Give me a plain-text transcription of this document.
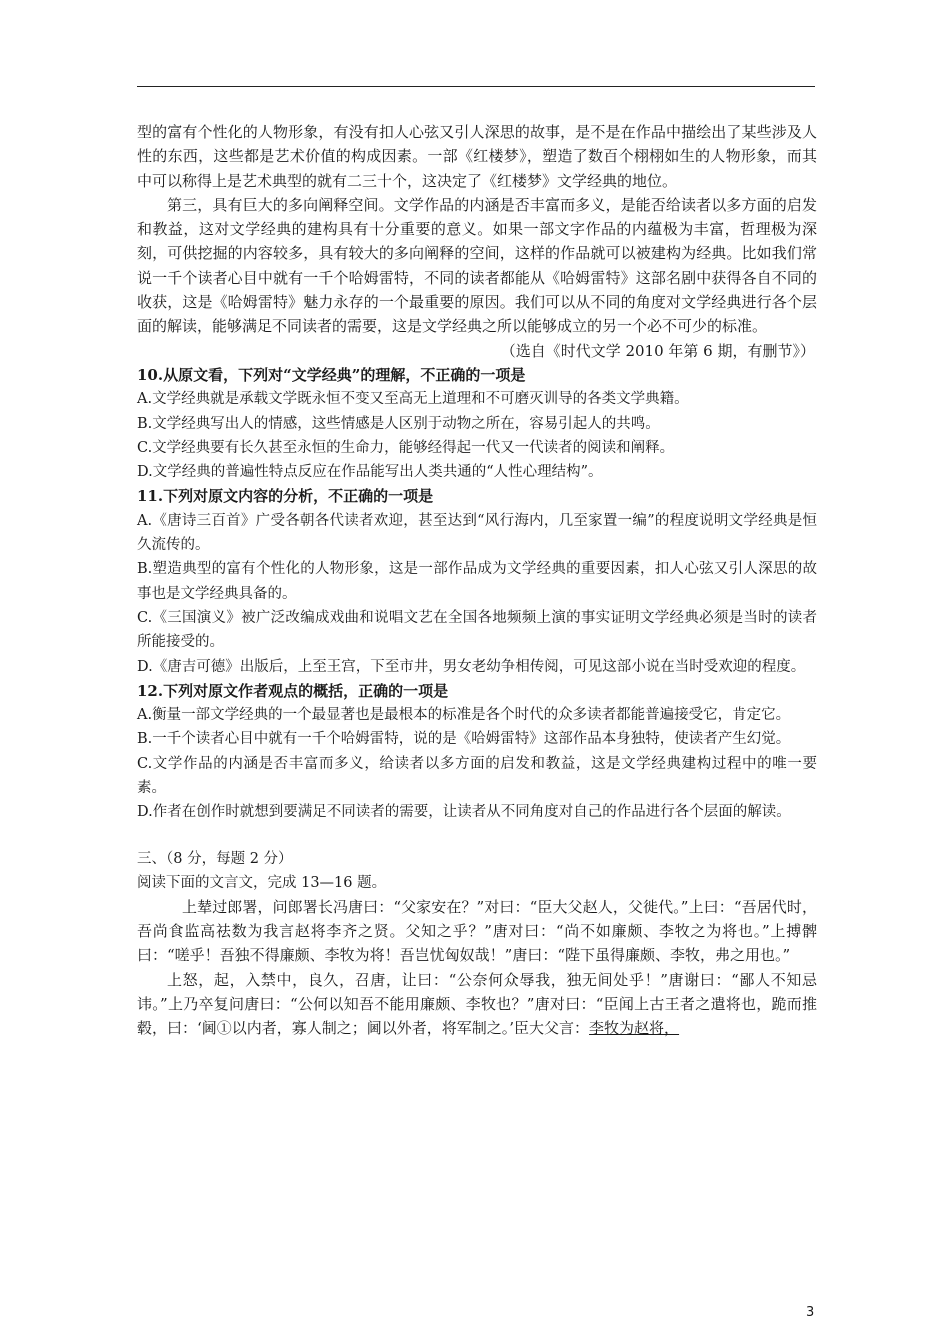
型的富有个性化的人物形象，有没有扣人心弦又引人深思的故事，是不是在作品中描绘出了某些涉及人性的东西，这些都是艺术价值的构成因素。一部《红楼梦》，塑造了数百个栩栩如生的人物形象，而其中可以称得上是艺术典型的就有二三十个，这决定了《红楼梦》文学经典的地位。

第三，具有巨大的多向阐释空间。文学作品的内涵是否丰富而多义，是能否给读者以多方面的启发和教益，这对文学经典的建构具有十分重要的意义。如果一部文字作品的内蕴极为丰富，哲理极为深刻，可供挖掘的内容较多，具有较大的多向阐释的空间，这样的作品就可以被建构为经典。比如我们常说一千个读者心目中就有一千个哈姆雷特，不同的读者都能从《哈姆雷特》这部名剧中获得各自不同的收获，这是《哈姆雷特》魅力永存的一个最重要的原因。我们可以从不同的角度对文学经典进行各个层面的解读，能够满足不同读者的需要，这是文学经典之所以能够成立的另一个必不可少的标准。

（选自《时代文学 2010 年第 6 期，有删节》）

10.从原文看，下列对“文学经典”的理解，不正确的一项是

A.文学经典就是承载文学既永恒不变又至高无上道理和不可磨灭训导的各类文学典籍。

B.文学经典写出人的情感，这些情感是人区别于动物之所在，容易引起人的共鸣。

C.文学经典要有长久甚至永恒的生命力，能够经得起一代又一代读者的阅读和阐释。

D.文学经典的普遍性特点反应在作品能写出人类共通的“人性心理结构”。

11.下列对原文内容的分析，不正确的一项是

A.《唐诗三百首》广受各朝各代读者欢迎，甚至达到“风行海内，几至家置一编”的程度说明文学经典是恒久流传的。

B.塑造典型的富有个性化的人物形象，这是一部作品成为文学经典的重要因素，扣人心弦又引人深思的故事也是文学经典具备的。

C.《三国演义》被广泛改编成戏曲和说唱文艺在全国各地频频上演的事实证明文学经典必须是当时的读者所能接受的。

D.《唐吉可德》出版后，上至王宫，下至市井，男女老幼争相传阅，可见这部小说在当时受欢迎的程度。

12.下列对原文作者观点的概括，正确的一项是

A.衡量一部文学经典的一个最显著也是最根本的标准是各个时代的众多读者都能普遍接受它，肯定它。

B.一千个读者心目中就有一千个哈姆雷特，说的是《哈姆雷特》这部作品本身独特，使读者产生幻觉。

C.文学作品的内涵是否丰富而多义，给读者以多方面的启发和教益，这是文学经典建构过程中的唯一要素。

D.作者在创作时就想到要满足不同读者的需要，让读者从不同角度对自己的作品进行各个层面的解读。

三、（8 分，每题 2 分）

阅读下面的文言文，完成 13—16 题。

上辇过郎署，问郎署长冯唐曰：“父家安在？”对曰：“臣大父赵人，父徙代。”上曰：“吾居代时，吾尚食监高祛数为我言赵将李齐之贤。父知之乎？”唐对曰：“尚不如廉颇、李牧之为将也。”上搏髀曰：“嗟乎！吾独不得廉颇、李牧为将！吾岂忧匈奴哉！”唐曰：“陛下虽得廉颇、李牧，弗之用也。”

上怒，起，入禁中，良久，召唐，让曰：“公奈何众辱我，独无间处乎！”唐谢曰：“鄙人不知忌讳。”上乃卒复问唐曰：“公何以知吾不能用廉颇、李牧也？”唐对曰：“臣闻上古王者之遣将也，跪而推毂，曰：‘阃①以内者，寡人制之；阃以外者，将军制之。’臣大父言：李牧为赵将，

3
